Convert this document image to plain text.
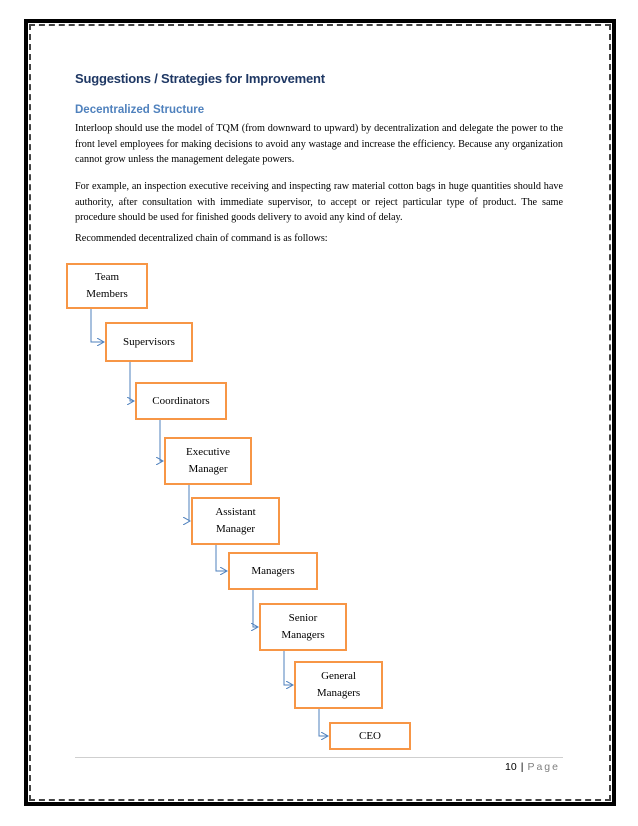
Suggestions / Strategies for Improvement
Decentralized Structure

Interloop should use the model of TQM (from downward to upward) by decentralization and delegate the power to the front level employees for making decisions to avoid any wastage and increase the efficiency. Because any organization cannot grow unless the management delegate powers.

For example, an inspection executive receiving and inspecting raw material cotton bags in huge quantities should have authority, after consultation with immediate supervisor, to accept or reject particular type of product. The same procedure should be used for finished goods delivery to avoid any kind of delay.

Recommended decentralized chain of command is as follows:

Team
Members
Supervisors
Coordinators
Executive
Manager
Assistant
Manager
Managers
Senior
Managers
General
Managers
CEO
10 | Page
